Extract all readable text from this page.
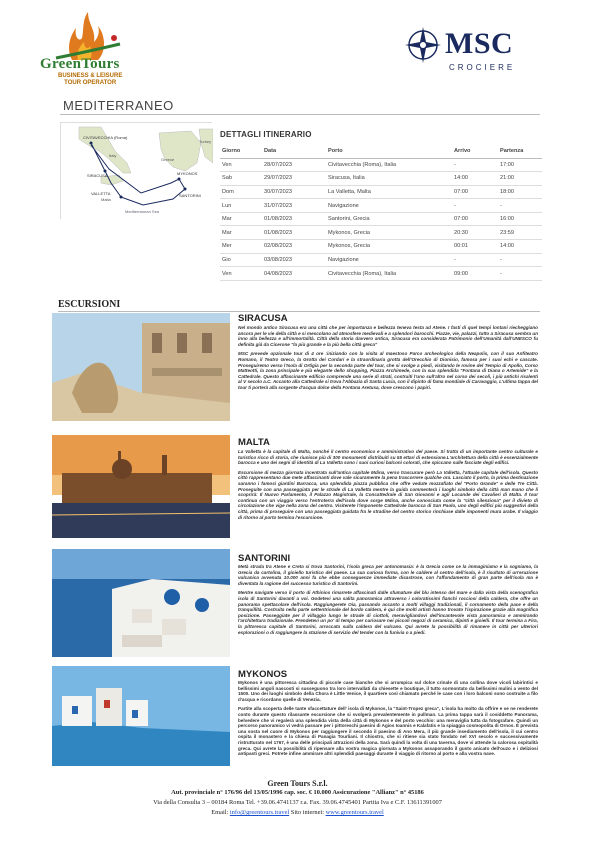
GreenTours
BUSINESS & LEISURE
TOUR OPERATOR
MSC
CROCIERE
MEDITERRANEO
CIVITAVECCHIA (Roma)
Italy
SIRACUSA
VALLETTA
Malta
Greece
MYKONOS
SANTORINI
Mediterranean Sea
Turkey
DETTAGLI ITINERARIO
Giorno	Data	Porto	Arrivo	Partenza
Ven	28/07/2023	Civitavecchia (Roma), Italia	-	17:00
Sab	29/07/2023	Siracusa, Italia	14:00	21:00
Dom	30/07/2023	La Valletta, Malta	07:00	18:00
Lun	31/07/2023	Navigazione	-	-
Mar	01/08/2023	Santorini, Grecia	07:00	16:00
Mar	01/08/2023	Mykonos, Grecia	20:30	23:59
Mer	02/08/2023	Mykonos, Grecia	00:01	14:00
Gio	03/08/2023	Navigazione	-	-
Ven	04/08/2023	Civitavecchia (Roma), Italia	09:00	-
ESCURSIONI
SIRACUSA

Nel mondo antico Siracusa era una città che per importanza e bellezza teneva testa ad Atene. I fasti di quel tempi lontani riecheggiano ancora per le vie della città e si mescolano ad atmosfere medievali e a splendori barocchi. Piazze, vie, palazzi, tutto a Siracusa sembra un inno alla bellezza e all'immortalità. Città della storia davvero antica, Siracusa era considerata Patrimonio dell'Umanità dall'UNESCO fu definita già da Cicerone "la più grande e la più bella città greca"

MSC prevede opzionale tour di 4 ore :iniziando con la visita al maestoso Parco archeologico della Neapolis, con il suo Anfiteatro Romano, il Teatro Greco, la Grotta dei Cordari e la straordinaria grotta dell'Orecchio di Dionisio, famosa per i suoi echi e cascate. Proseguiremo verso l'Isola di Ortigia per la seconda parte del tour, che si svolge a piedi, visitando le rovine del Tempio di Apollo, Corso Matteotti, la zona principale e più elegante dello shopping, Piazza Archimede, con la sua splendida "Fontana di Diana o Artemide" e la Cattedrale. Questo affascinante edificio comprende una serie di strati, costruiti l'uno sull'altro nel corso dei secoli, i più antichi risalenti al V secolo a.C. Accanto alla Cattedrale si trova l'Abbazia di Santa Lucia, con il dipinto di fama mondiale di Caravaggio, L'ultima tappa del tour ti porterà alla sorgente d'acqua dolce della Fontana Aretusa, dove crescono i papiri.

MALTA

La Valletta è la capitale di Malta, nonché il centro economico e amministrativo del paese. Si tratta di un importante centro culturale e turistico ricco di storia, che riunisce più di 300 monumenti distribuiti su 55 ettari di estensione.L'architettura della città è essenzialmente barocca e uno dei segni di identità di La Valletta sono i suoi curiosi balconi colorati, che spiccano sulle facciate degli edifici.

Escursione di mezza giornata incentrata sull'antica capitale Mdina, verso trascurare però La Valletta, l'attuale capitale dell'isola. Questo cittò rappresentano due mete affascinanti dove vale sicuramente la pena trascorrere qualche ora. Lasciato il porto, la prima destinazione saranno i famosi giardini Barracca, una splendida piazza pubblica che offre vedute mozzafiato del "Porto Grande" e delle Tre Città. Proseguite con una passeggiata per le strade di La Valletta mentre la guida commenterà i luoghi simbolo della città man mano che li scoprirà: Il Nuovo Parlamento, il Palazzo Magistrale, la Concattedrale di San Giovanni e agli Locande dei Cavalieri di Malta. Il tour continua con un viaggio verso l'entroterra dell'isola dove sorge Mdina, anche conosciuta come la "città silenziosa" per il divieto di circolazione che vige nella zona del centro. Visiterete l'imponente Cattedrale barocca di San Paolo, uno degli edifici più suggestivi della città, prima di proseguire con una passeggiata guidata fra le stradine del centro storico rinchiuse dalle imponenti mura arabe. Il viaggio di ritorno al porto termina l'escursione.

SANTORINI

Metà strada tra Atene e Creta si trova Santorini, l'isola greca per antonomasia: è la Grecia come ce la immaginiamo e la sogniamo, la Grecia da cartolina, il gioiello turistico del paese. La sua curiosa forma, con le caldere al centro dell'isola, è il risultato di un'eruzione vulcanica avvenuta 10.000 anni fa che ebbe conseguenze immediate disastrose, con l'affondamento di gran parte dell'isola ma è diventata la ragione del successo turistico di Santorini.

Mentre navigate verso il porto di Athinios rimarrete affascinati dalle sfumature del blu intenso del mare e dalla vista della scenografica isola di Santorini davanti a voi. Godetevi una salita panoramica attraverso i coloratissimi fianchi rocciosi della caldera, che offre un panorama spettacolare dell'isola. Raggiungerete Oia, passando accanto a molti villaggi tradizionali, il cornamento della pace e della tranquillità. Costruita nella parte settentrionale del bordo caldera, è qui che molti artisti hanno trovato l'ispirazione grazie alla magnifica posizione. Passeggiate per il villaggio lungo le strade di ciottoli, meravigliandovi dell'incantevole vista panoramica e ammirando l'architettura tradizionale. Prendetevi un po' di tempo per curiosare nei piccoli negozi di ceramica, dipinti e gioielli. Il tour termina a Fira, la pittoresca capitale di Santorini, arroccata sulla caldera del vulcano. Qui avrete la possibilità di rimanere in città per ulteriori esplorazioni o di raggiungere la stazione di servizio del tender con la funivia o a piedi.

MYKONOS

Mykonos è una pittoresca cittadina di piccole case bianche che si arrampica sul dolce crinale di una collina dove vicoli labirintici e bellissimi angoli nascosti si susseguono tra loro intervallati da chiesette e boutique, il tutto sormontato da bellissimi mulini a vento del 1500. Uno dei luoghi simbolo della Chora è Little Venice, il quartiere così chiamato perché le case con i loro balconi sono costruite a filo d'acqua e ricordano quelle di Venezia.

Partite alla scoperta delle tante sfaccettature dell' isola di Mykonos, la "Saint-Tropez greca", L'isola ha molto da offrire e ve ne renderete conto durante questo rilassante escursione che si svolgerà prevalentemente in pullman. La prima tappa sarà il cosiddetto Panorama, belvedere che vi regalerà una splendida vista della città di Mykonos e del porto vecchio: una meraviglia tutta da fotografare. Quindi un percorso panoramico vi vedrà passare per i pittoreschi paesini di Agios Ioannis e Kalafatis e la spiaggia cosmopolita di Ornos. È prevista una sosta nel cuore di Mykonos per raggiungere il secondo il paesino di Ano Mera, il più grande insediamento dell'isola, il cui centro ospita il monastero e la chiesa di Panagia Tourliani. Il chiostro, che si ritiene sia stato fondato nel XVI secolo e successivamente ristrutturato nel 1767, è una delle principali attrazioni della zona. Sarà quindi la volta di una taverna, dove vi attende la calorosa ospitalità greca. Qui avrete la possibilità di ripensare alla vostra magica giornata a Mykonos assaporando il gusto anicato dell'ouzo e i deliziosi antipasti greci. Potrete infine ammirare altri splendidi paesaggi durante il viaggio di ritorno al porto e alla vostra nave.

Green Tours S.r.l.
Aut. provinciale n° 176/96 del 13/05/1996 cap. soc. € 10.000 Assicurazione "Allianz" n° 45186
Via della Consulta 3 – 00184 Roma Tel. +39.06.4741137 r.a. Fax. 39.06.4745401 Partita Iva e C.F. 13611391007
Email: info@greentours.travel Sito internet: www.greentours.travel
